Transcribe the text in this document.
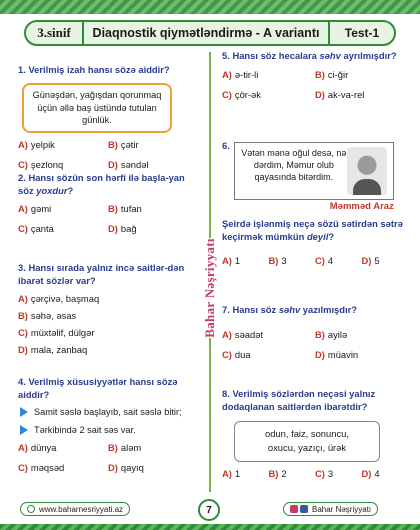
3.sinif	Diaqnostik qiymətləndirmə - A variantı	Test-1
Bahar Nəşriyyatı
1. Verilmiş izah hansı sözə aiddir?
Günəşdən, yağışdan qorunmaq üçün əllə baş üstündə tutulan günlük.
A) yelpik	B) çətir
C) şezlonq	D) səndəl
2. Hansı sözün son hərfi ilə başla-yan söz yoxdur?
A) gəmi	B) tufan
C) çanta	D) bağ
3. Hansı sırada yalnız incə saitlər-dən ibarət sözlər var?
A) çərçivə, başmaq
B) səhə, əsas
C) müxtəlif, dülgər
D) mala, zanbaq
4. Verilmiş xüsusiyyətlər hansı sözə aiddir?
Samit səslə başlayıb, sait səslə bitir;
Tərkibində 2 sait səs var.
A) dünya	B) aləm
C) məqsəd	D) qayıq
5. Hansı söz hecalara səhv ayrılmışdır?
A) ə-tir-li	B) ci-ğir
C) çör-ək	D) ak-va-rel
6.
Vətən mənə oğul desə, nə dərdim, Məmur olub qayasında bitərdim.
Məmməd Araz
Şeirdə işlənmiş neçə sözü sətirdən sətrə keçirmək mümkün deyil?
A) 1	B) 3	C) 4	D) 5
7. Hansı söz səhv yazılmışdır?
A) səadət	B) ayilə
C) dua	D) müavin
8. Verilmiş sözlərdən neçəsi yalnız dodaqlanan saitlərdən ibarətdir?
odun, faiz, sonuncu,
oxucu, yazıçı, ürək
A) 1	B) 2	C) 3	D) 4
www.baharnesriyyati.az	7	Bahar Nəşriyyatı
